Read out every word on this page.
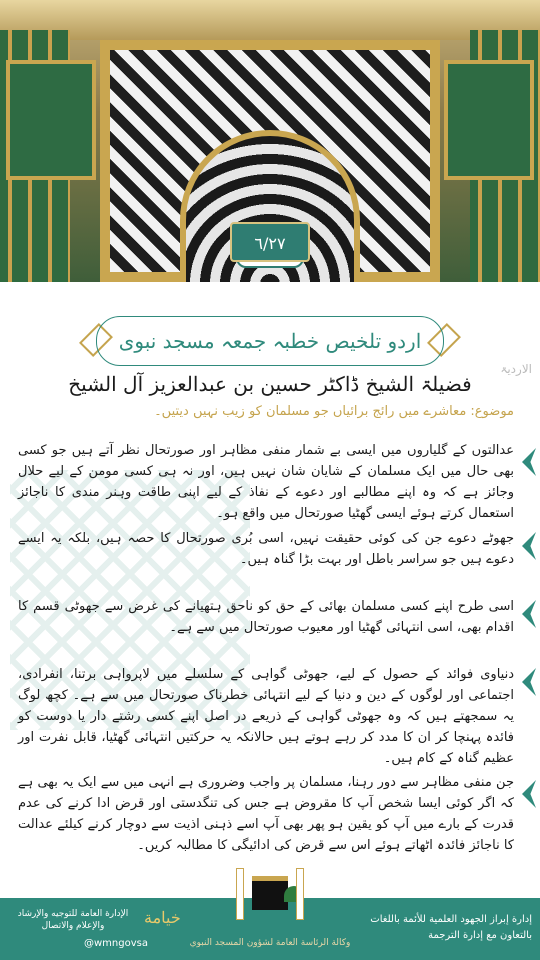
٦/٢٧
اردو تلخیص خطبہ جمعہ مسجد نبوی
الاردیۃ
فضیلۃ الشیخ ڈاکٹر حسین بن عبدالعزیز آل الشیخ
موضوع: معاشرے میں رائج برائیاں جو مسلمان کو زیب نہیں دیتیں۔

عدالتوں کے گلیاروں میں ایسی بے شمار منفی مظاہر اور صورتحال نظر آتے ہیں جو کسی بھی حال میں ایک مسلمان کے شایان شان نہیں ہیں، اور نہ ہی کسی مومن کے لیے حلال وجائز ہے کہ وہ اپنے مطالبے اور دعوے کے نفاذ کے لیے اپنی طاقت وہنر مندی کا ناجائز استعمال کرتے ہوئے ایسی گھٹیا صورتحال میں واقع ہو۔

جھوٹے دعوے جن کی کوئی حقیقت نہیں، اسی بُری صورتحال کا حصہ ہیں، بلکہ یہ ایسے دعوے ہیں جو سراسر باطل اور بہت بڑا گناہ ہیں۔

اسی طرح اپنے کسی مسلمان بھائی کے حق کو ناحق ہتھیانے کی غرض سے جھوٹی قسم کا اقدام بھی، اسی انتہائی گھٹیا اور معیوب صورتحال میں سے ہے۔

دنیاوی فوائد کے حصول کے لیے، جھوٹی گواہی کے سلسلے میں لاپرواہی برتنا، انفرادی، اجتماعی اور لوگوں کے دین و دنیا کے لیے انتہائی خطرناک صورتحال میں سے ہے۔ کچھ لوگ یہ سمجھتے ہیں کہ وہ جھوٹی گواہی کے ذریعے در اصل اپنے کسی رشتے دار یا دوست کو فائدہ پہنچا کر ان کا مدد کر رہے ہوتے ہیں حالانکہ یہ حرکتیں انتہائی گھٹیا، قابل نفرت اور عظیم گناہ کے کام ہیں۔

جن منفی مظاہر سے دور رہنا، مسلمان پر واجب وضروری ہے انہی میں سے ایک یہ بھی ہے کہ اگر کوئی ایسا شخص آپ کا مقروض ہے جس کی تنگدستی اور قرض ادا کرنے کی عدم قدرت کے بارے میں آپ کو یقین ہو پھر بھی آپ اسے ذہنی اذیت سے دوچار کرنے کیلئے عدالت کا ناجائز فائدہ اٹھاتے ہوئے اس سے قرض کی ادائیگی کا مطالبہ کریں۔

إدارة إبراز الجهود العلمية للأئمة باللغات
بالتعاون مع إدارة الترجمة
وكالة الرئاسة العامة لشؤون المسجد النبوي
الإدارة العامة للتوجيه والإرشاد والإعلام والاتصال
@wmngovsa
خيامة
